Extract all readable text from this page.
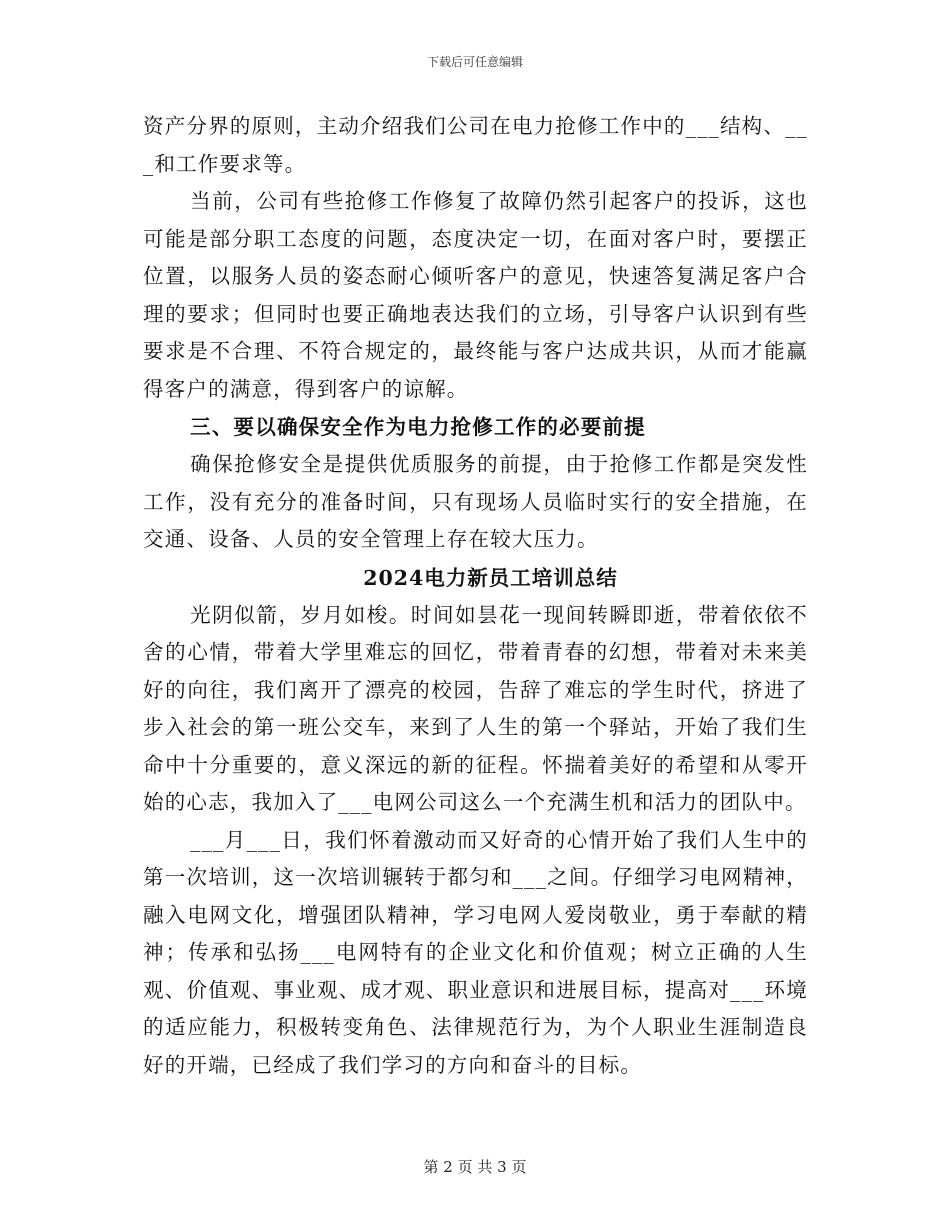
下载后可任意编辑

资产分界的原则，主动介绍我们公司在电力抢修工作中的___结构、___和工作要求等。

当前，公司有些抢修工作修复了故障仍然引起客户的投诉，这也可能是部分职工态度的问题，态度决定一切，在面对客户时，要摆正位置，以服务人员的姿态耐心倾听客户的意见，快速答复满足客户合理的要求；但同时也要正确地表达我们的立场，引导客户认识到有些要求是不合理、不符合规定的，最终能与客户达成共识，从而才能赢得客户的满意，得到客户的谅解。

三、要以确保安全作为电力抢修工作的必要前提

确保抢修安全是提供优质服务的前提，由于抢修工作都是突发性工作，没有充分的准备时间，只有现场人员临时实行的安全措施，在交通、设备、人员的安全管理上存在较大压力。

2024电力新员工培训总结

光阴似箭，岁月如梭。时间如昙花一现间转瞬即逝，带着依依不舍的心情，带着大学里难忘的回忆，带着青春的幻想，带着对未来美好的向往，我们离开了漂亮的校园，告辞了难忘的学生时代，挤进了步入社会的第一班公交车，来到了人生的第一个驿站，开始了我们生命中十分重要的，意义深远的新的征程。怀揣着美好的希望和从零开始的心志，我加入了___电网公司这么一个充满生机和活力的团队中。

___月___日，我们怀着激动而又好奇的心情开始了我们人生中的第一次培训，这一次培训辗转于都匀和___之间。仔细学习电网精神，融入电网文化，增强团队精神，学习电网人爱岗敬业，勇于奉献的精神；传承和弘扬___电网特有的企业文化和价值观；树立正确的人生观、价值观、事业观、成才观、职业意识和进展目标，提高对___环境的适应能力，积极转变角色、法律规范行为，为个人职业生涯制造良好的开端，已经成了我们学习的方向和奋斗的目标。

第 2 页 共 3 页
